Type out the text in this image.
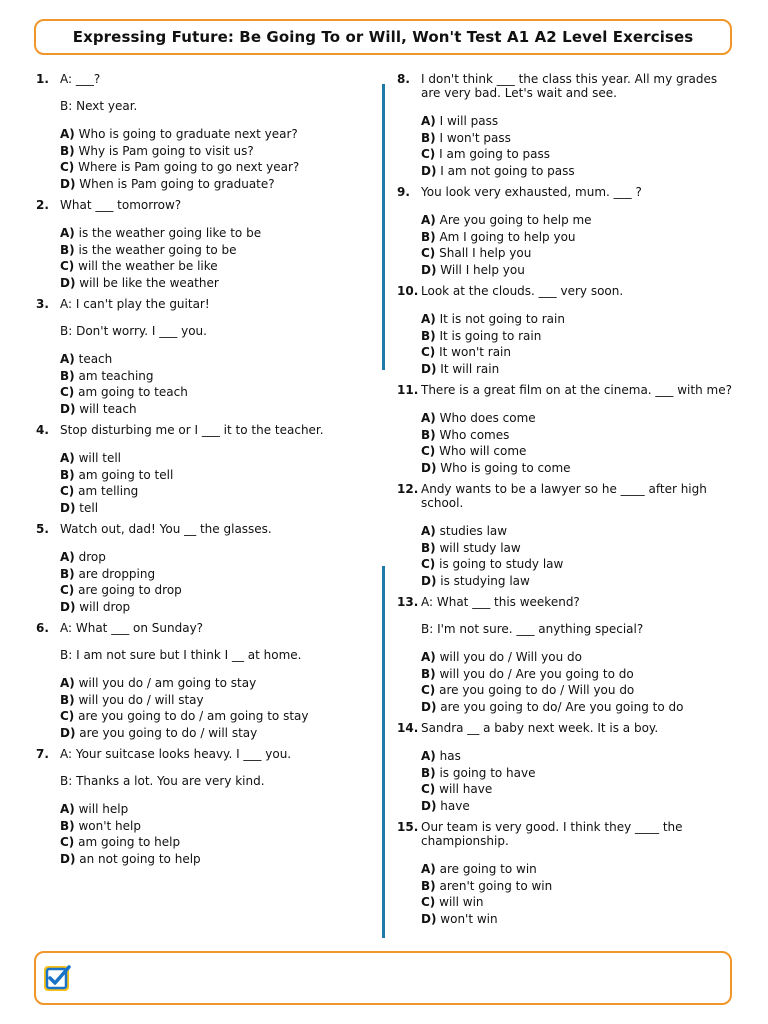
Expressing Future: Be Going To or Will, Won't Test A1 A2 Level Exercises
1. A: ___?
B: Next year.
A) Who is going to graduate next year?
B) Why is Pam going to visit us?
C) Where is Pam going to go next year?
D) When is Pam going to graduate?
2. What ___ tomorrow?
A) is the weather going like to be
B) is the weather going to be
C) will the weather be like
D) will be like the weather
3. A: I can't play the guitar!
B: Don't worry. I ___ you.
A) teach
B) am teaching
C) am going to teach
D) will teach
4. Stop disturbing me or I ___ it to the teacher.
A) will tell
B) am going to tell
C) am telling
D) tell
5. Watch out, dad! You __ the glasses.
A) drop
B) are dropping
C) are going to drop
D) will drop
6. A: What ___ on Sunday?
B: I am not sure but I think I __ at home.
A) will you do / am going to stay
B) will you do / will stay
C) are you going to do / am going to stay
D) are you going to do / will stay
7. A: Your suitcase looks heavy. I ___ you.
B: Thanks a lot. You are very kind.
A) will help
B) won't help
C) am going to help
D) an not going to help
8. I don't think ___ the class this year. All my grades are very bad. Let's wait and see.
A) I will pass
B) I won't pass
C) I am going to pass
D) I am not going to pass
9. You look very exhausted, mum. ___ ?
A) Are you going to help me
B) Am I going to help you
C) Shall I help you
D) Will I help you
10. Look at the clouds. ___ very soon.
A) It is not going to rain
B) It is going to rain
C) It won't rain
D) It will rain
11. There is a great film on at the cinema. ___ with me?
A) Who does come
B) Who comes
C) Who will come
D) Who is going to come
12. Andy wants to be a lawyer so he ____ after high school.
A) studies law
B) will study law
C) is going to study law
D) is studying law
13. A: What ___ this weekend?
B: I'm not sure. ___ anything special?
A) will you do / Will you do
B) will you do / Are you going to do
C) are you going to do / Will you do
D) are you going to do/ Are you going to do
14. Sandra __ a baby next week. It is a boy.
A) has
B) is going to have
C) will have
D) have
15. Our team is very good. I think they ____ the championship.
A) are going to win
B) aren't going to win
C) will win
D) won't win
